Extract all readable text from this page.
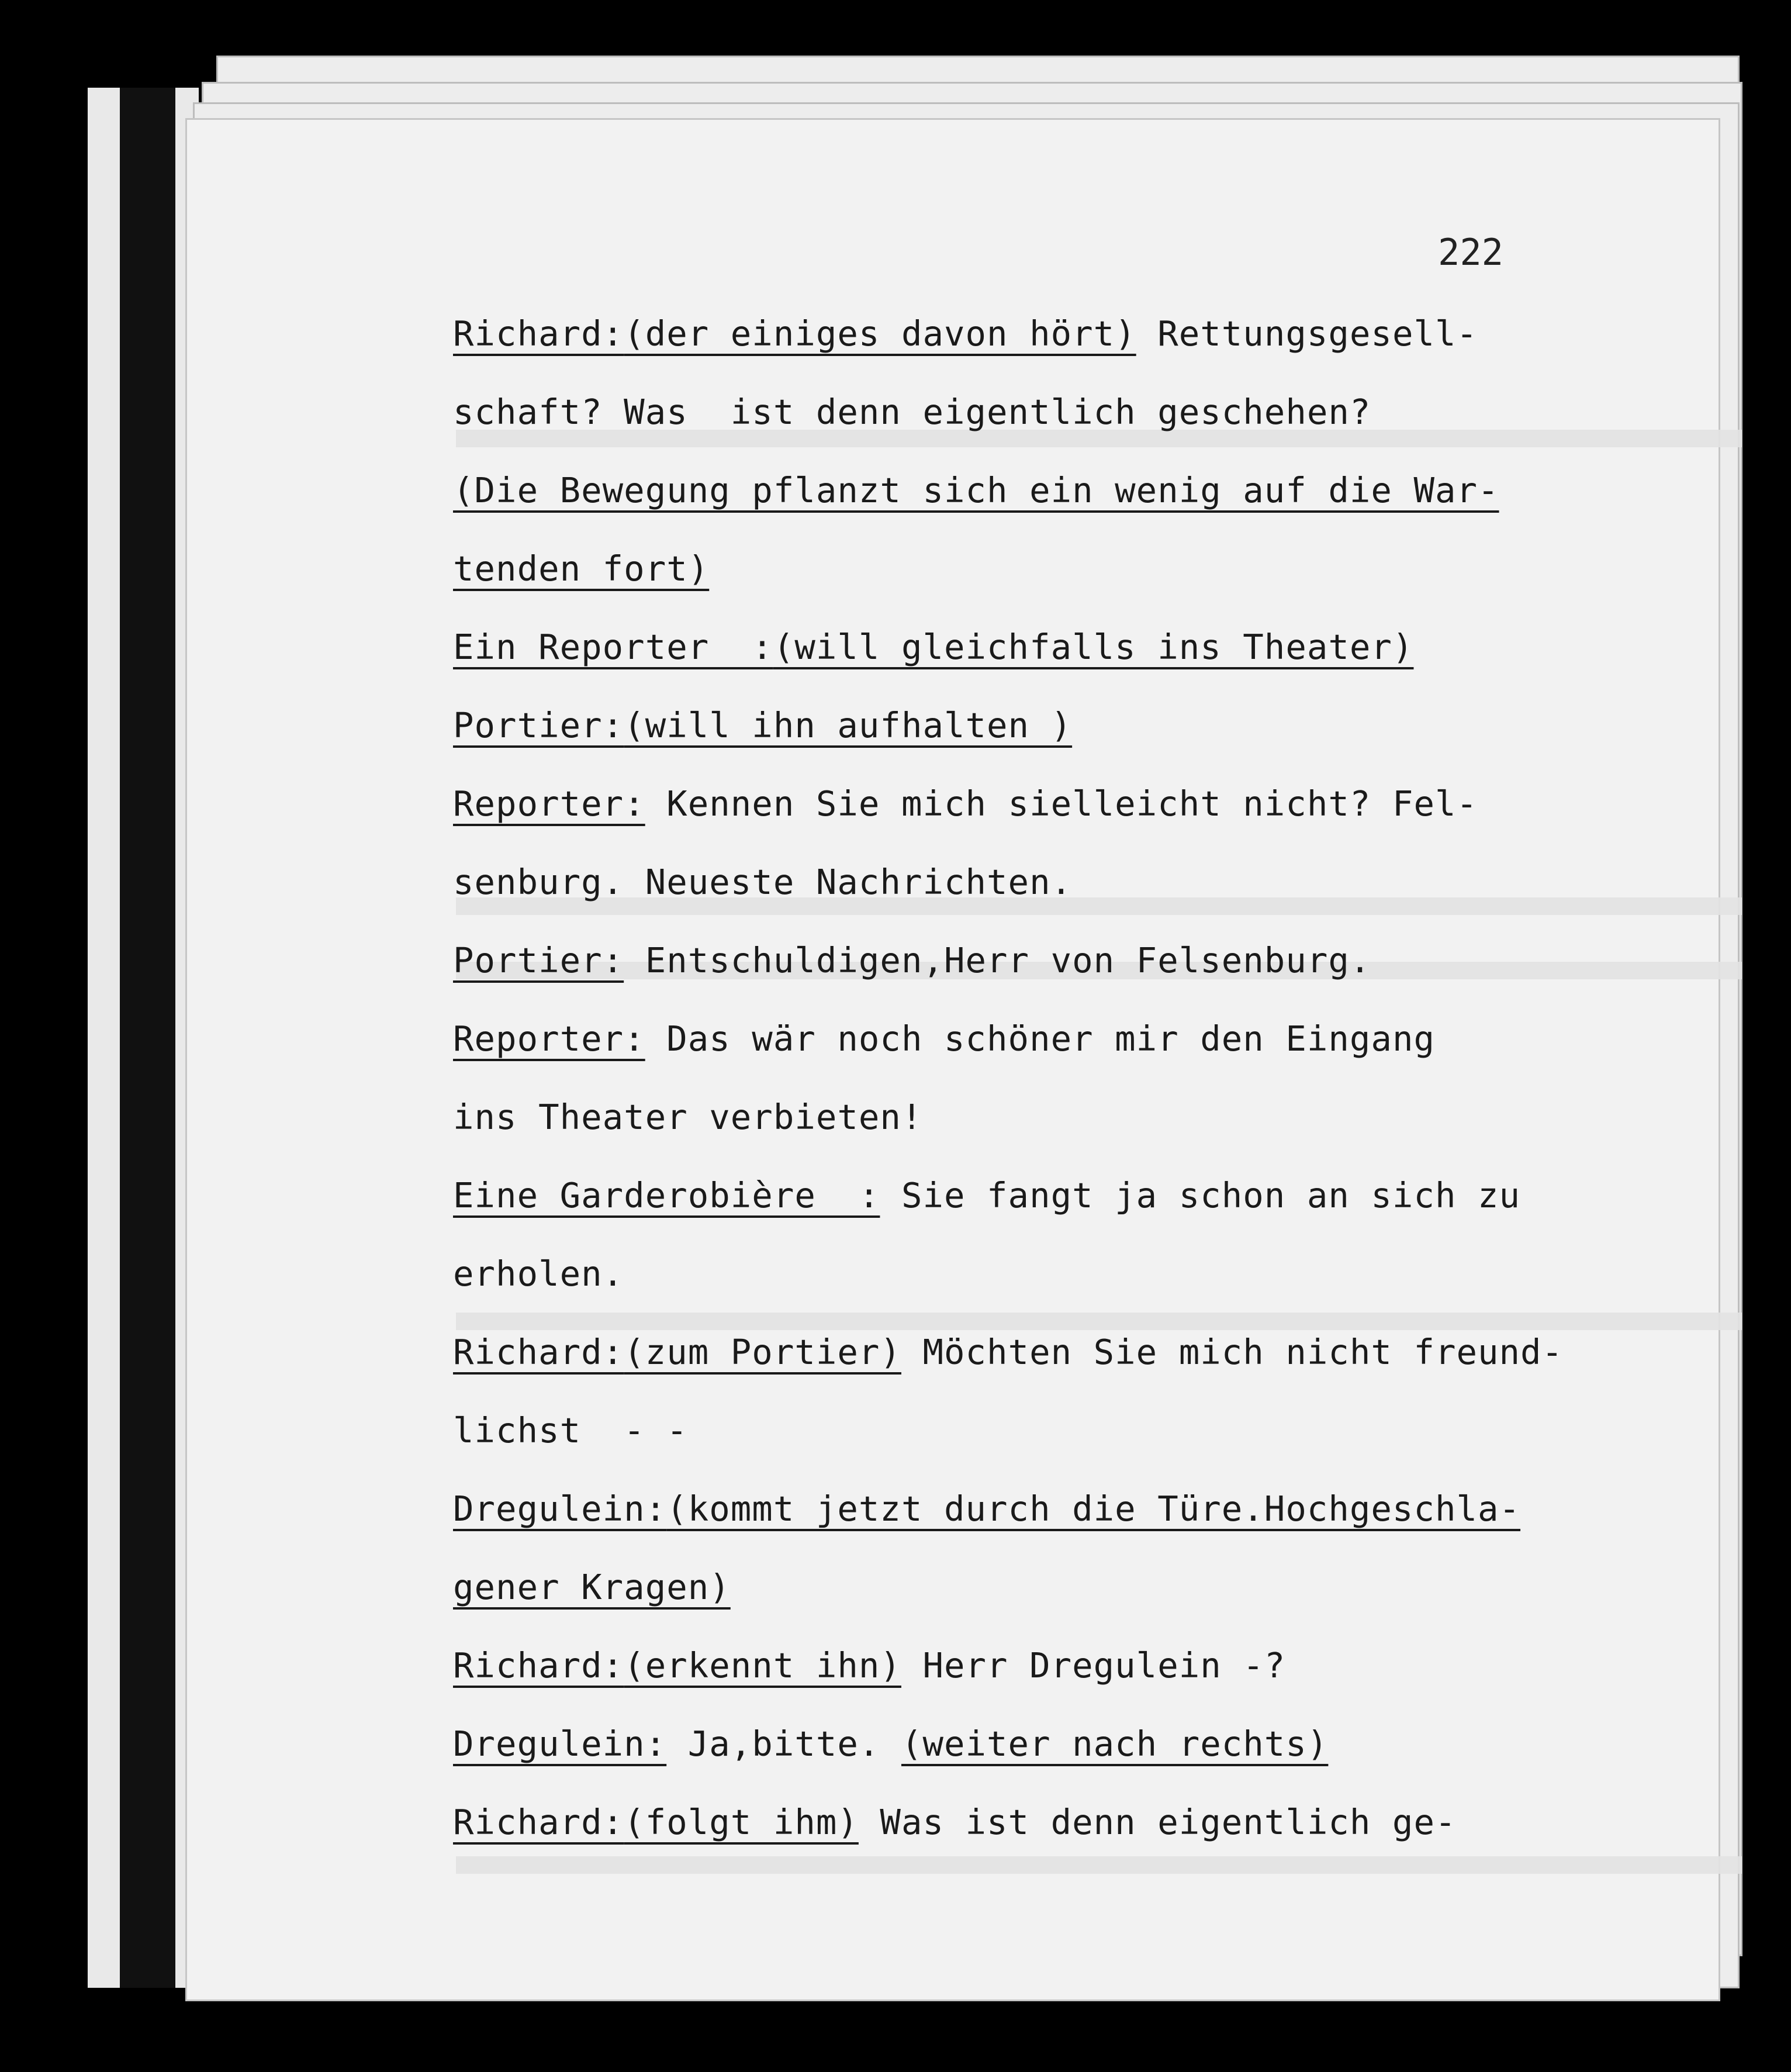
222
Richard:(der einiges davon hört) Rettungsgesell-
schaft? Was  ist denn eigentlich geschehen?
(Die Bewegung pflanzt sich ein wenig auf die War-
tenden fort)
Ein Reporter  :(will gleichfalls ins Theater)
Portier:(will ihn aufhalten )
Reporter: Kennen Sie mich sielleicht nicht? Fel-
senburg. Neueste Nachrichten.
Portier: Entschuldigen,Herr von Felsenburg.
Reporter: Das wär noch schöner mir den Eingang
ins Theater verbieten!
Eine Garderobière  : Sie fangt ja schon an sich zu
erholen.
Richard:(zum Portier) Möchten Sie mich nicht freund-
lichst  - -
Dregulein:(kommt jetzt durch die Türe.Hochgeschla-
gener Kragen)
Richard:(erkennt ihn) Herr Dregulein -?
Dregulein: Ja,bitte. (weiter nach rechts)
Richard:(folgt ihm) Was ist denn eigentlich ge-
